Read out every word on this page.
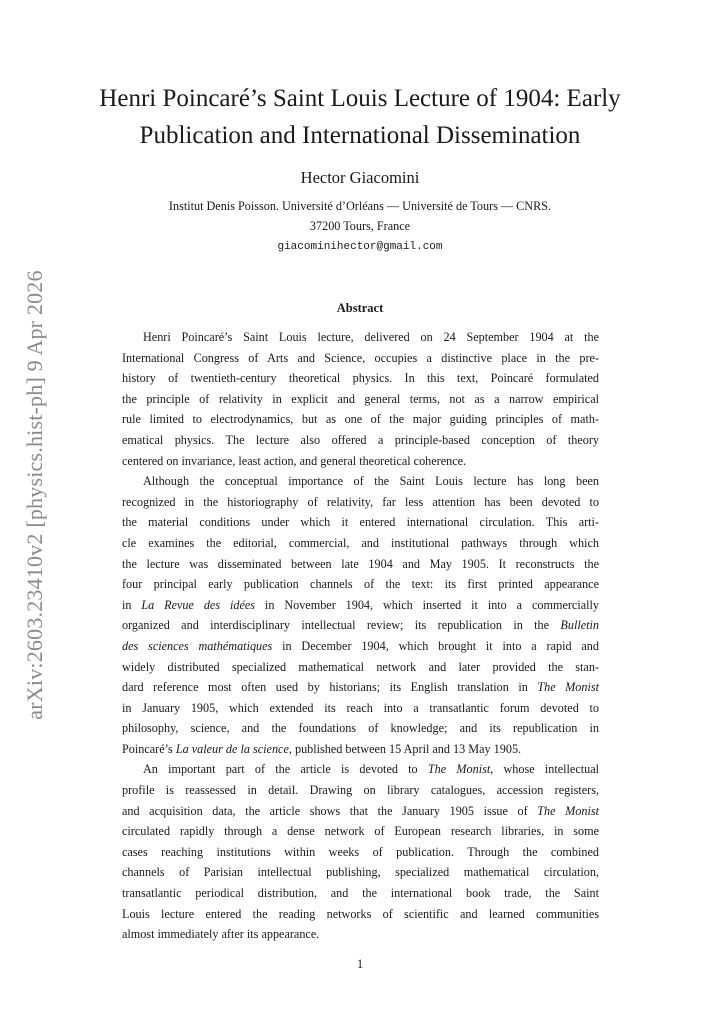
arXiv:2603.23410v2 [physics.hist-ph] 9 Apr 2026
Henri Poincaré’s Saint Louis Lecture of 1904: Early
Publication and International Dissemination
Hector Giacomini
Institut Denis Poisson. Université d’Orléans — Université de Tours — CNRS.
37200 Tours, France
giacominihector@gmail.com
Abstract
Henri Poincaré’s Saint Louis lecture, delivered on 24 September 1904 at the
International Congress of Arts and Science, occupies a distinctive place in the pre-
history of twentieth-century theoretical physics. In this text, Poincaré formulated
the principle of relativity in explicit and general terms, not as a narrow empirical
rule limited to electrodynamics, but as one of the major guiding principles of math-
ematical physics. The lecture also offered a principle-based conception of theory
centered on invariance, least action, and general theoretical coherence.
Although the conceptual importance of the Saint Louis lecture has long been
recognized in the historiography of relativity, far less attention has been devoted to
the material conditions under which it entered international circulation. This arti-
cle examines the editorial, commercial, and institutional pathways through which
the lecture was disseminated between late 1904 and May 1905. It reconstructs the
four principal early publication channels of the text: its first printed appearance
in La Revue des idées in November 1904, which inserted it into a commercially
organized and interdisciplinary intellectual review; its republication in the Bulletin
des sciences mathématiques in December 1904, which brought it into a rapid and
widely distributed specialized mathematical network and later provided the stan-
dard reference most often used by historians; its English translation in The Monist
in January 1905, which extended its reach into a transatlantic forum devoted to
philosophy, science, and the foundations of knowledge; and its republication in
Poincaré’s La valeur de la science, published between 15 April and 13 May 1905.
An important part of the article is devoted to The Monist, whose intellectual
profile is reassessed in detail. Drawing on library catalogues, accession registers,
and acquisition data, the article shows that the January 1905 issue of The Monist
circulated rapidly through a dense network of European research libraries, in some
cases reaching institutions within weeks of publication. Through the combined
channels of Parisian intellectual publishing, specialized mathematical circulation,
transatlantic periodical distribution, and the international book trade, the Saint
Louis lecture entered the reading networks of scientific and learned communities
almost immediately after its appearance.
1
